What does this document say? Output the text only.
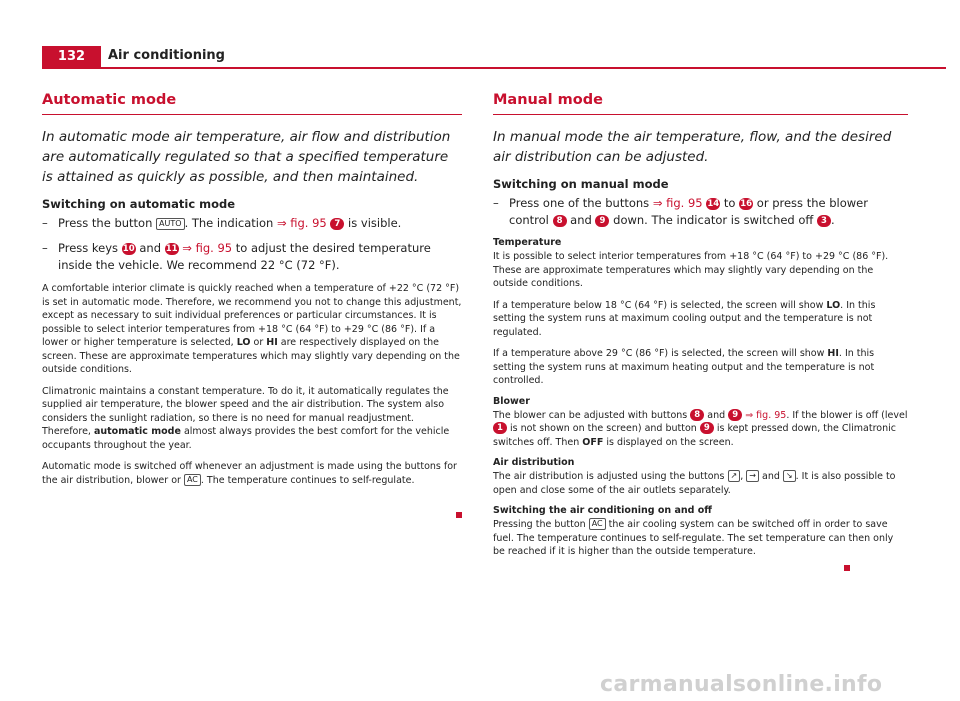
132	Air conditioning
Automatic mode
In automatic mode air temperature, air flow and distribution are automatically regulated so that a specified temperature is attained as quickly as possible, and then maintained.
Switching on automatic mode
– Press the button AUTO . The indication ⇒ fig. 95 7 is visible.
– Press keys 10 and 11 ⇒ fig. 95 to adjust the desired temperature inside the vehicle. We recommend 22 °C (72 °F).

A comfortable interior climate is quickly reached when a temperature of +22 °C (72 °F) is set in automatic mode. Therefore, we recommend you not to change this adjustment, except as necessary to suit individual preferences or particular circumstances. It is possible to select interior temperatures from +18 °C (64 °F) to +29 °C (86 °F). If a lower or higher temperature is selected, LO or HI are respectively displayed on the screen. These are approximate temperatures which may slightly vary depending on the outside conditions.

Climatronic maintains a constant temperature. To do it, it automatically regulates the supplied air temperature, the blower speed and the air distribution. The system also considers the sunlight radiation, so there is no need for manual readjustment. Therefore, automatic mode almost always provides the best comfort for the vehicle occupants throughout the year.

Automatic mode is switched off whenever an adjustment is made using the buttons for the air distribution, blower or AC . The temperature continues to self-regulate.

Manual mode
In manual mode the air temperature, flow, and the desired air distribution can be adjusted.
Switching on manual mode
– Press one of the buttons ⇒ fig. 95 14 to 16 or press the blower control 8 and 9 down. The indicator is switched off 3 .
Temperature

It is possible to select interior temperatures from +18 °C (64 °F) to +29 °C (86 °F). These are approximate temperatures which may slightly vary depending on the outside conditions.

If a temperature below 18 °C (64 °F) is selected, the screen will show LO. In this setting the system runs at maximum cooling output and the temperature is not regulated.

If a temperature above 29 °C (86 °F) is selected, the screen will show HI. In this setting the system runs at maximum heating output and the temperature is not controlled.

Blower

The blower can be adjusted with buttons 8 and 9 ⇒ fig. 95. If the blower is off (level 1 is not shown on the screen) and button 9 is kept pressed down, the Climatronic switches off. Then OFF is displayed on the screen.

Air distribution

The air distribution is adjusted using the buttons ↗ , → and ↘ . It is also possible to open and close some of the air outlets separately.

Switching the air conditioning on and off

Pressing the button AC the air cooling system can be switched off in order to save fuel. The temperature continues to self-regulate. The set temperature can then only be reached if it is higher than the outside temperature.

carmanualsonline.info
